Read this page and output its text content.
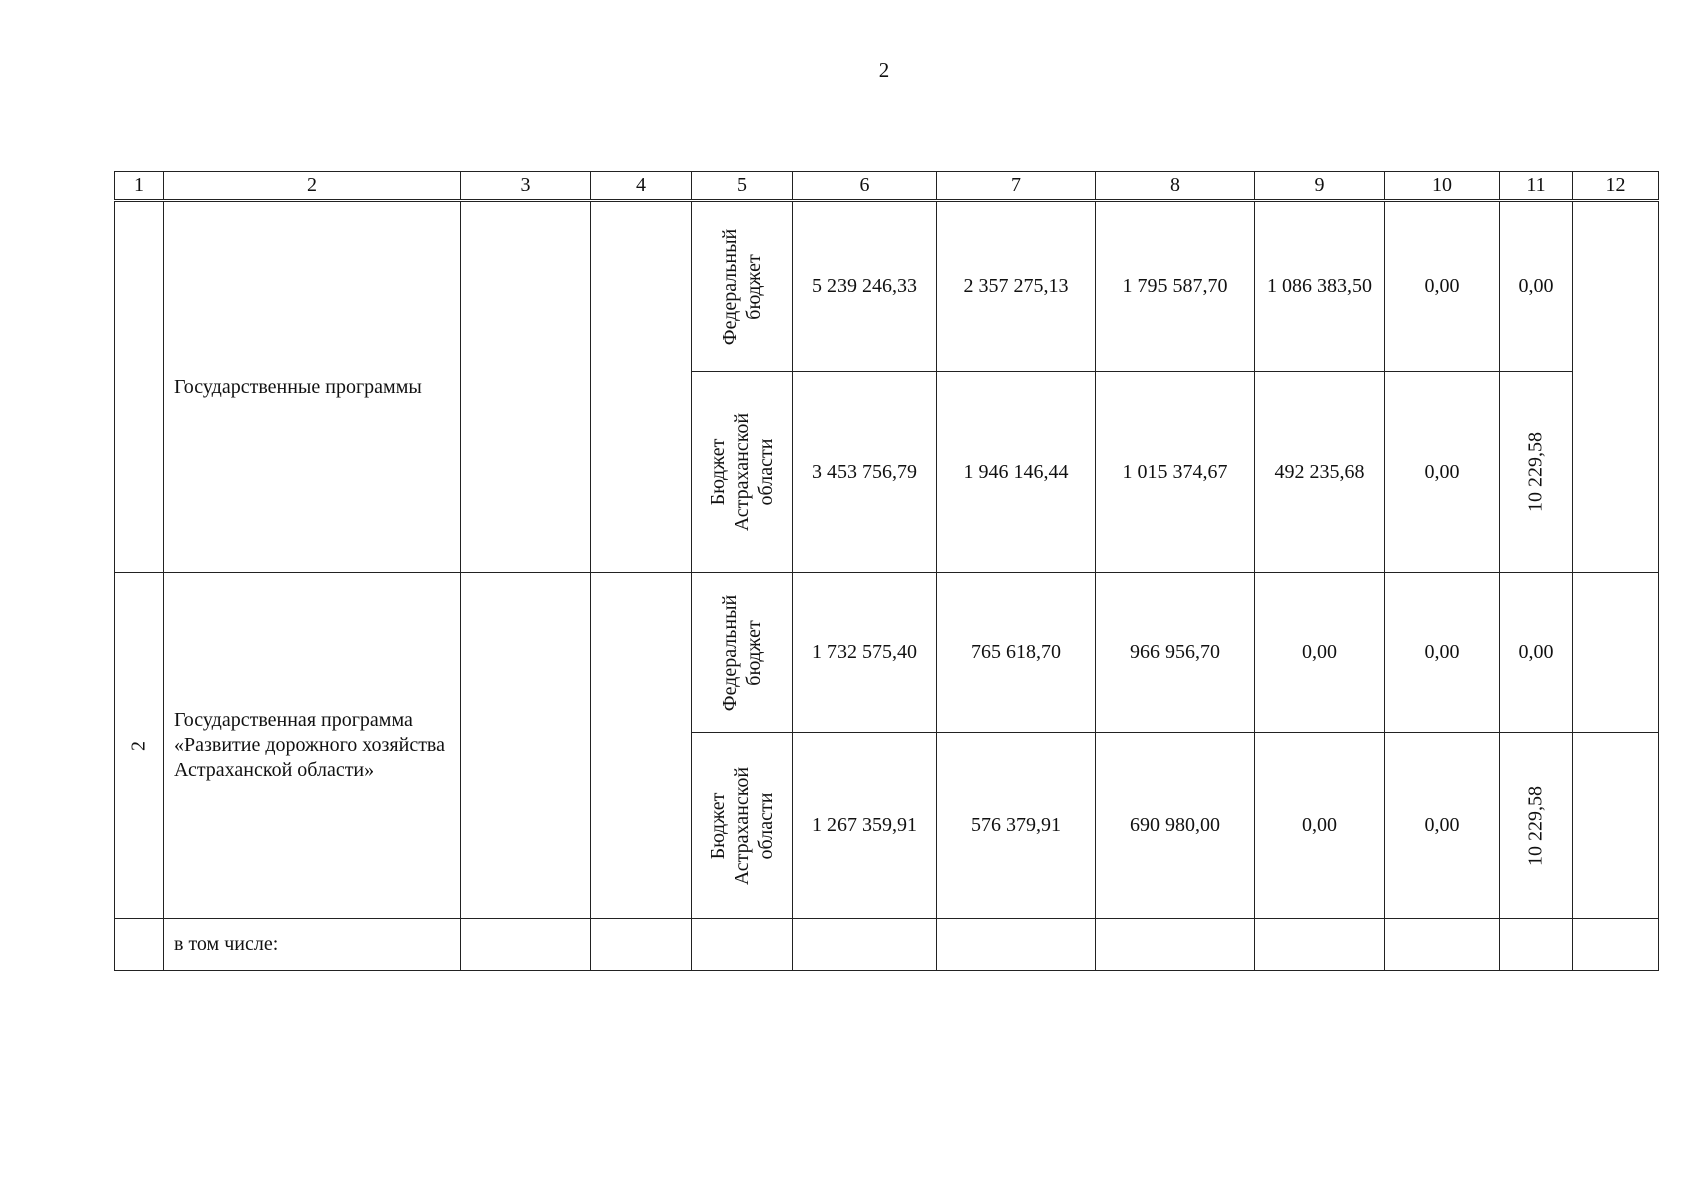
2
1	2	3	4	5	6	7	8	9	10	11	12
	Государственные программы			Федеральный бюджет	5 239 246,33	2 357 275,13	1 795 587,70	1 086 383,50	0,00	0,00	

				Бюджет Астраханской области	3 453 756,79	1 946 146,44	1 015 374,67	492 235,68	0,00	10 229,58	

2	Государственная программа «Развитие дорожного хозяйства Астраханской области»			Федеральный бюджет	1 732 575,40	765 618,70	966 956,70	0,00	0,00	0,00	

				Бюджет Астраханской области	1 267 359,91	576 379,91	690 980,00	0,00	0,00	10 229,58	

	в том числе:										
